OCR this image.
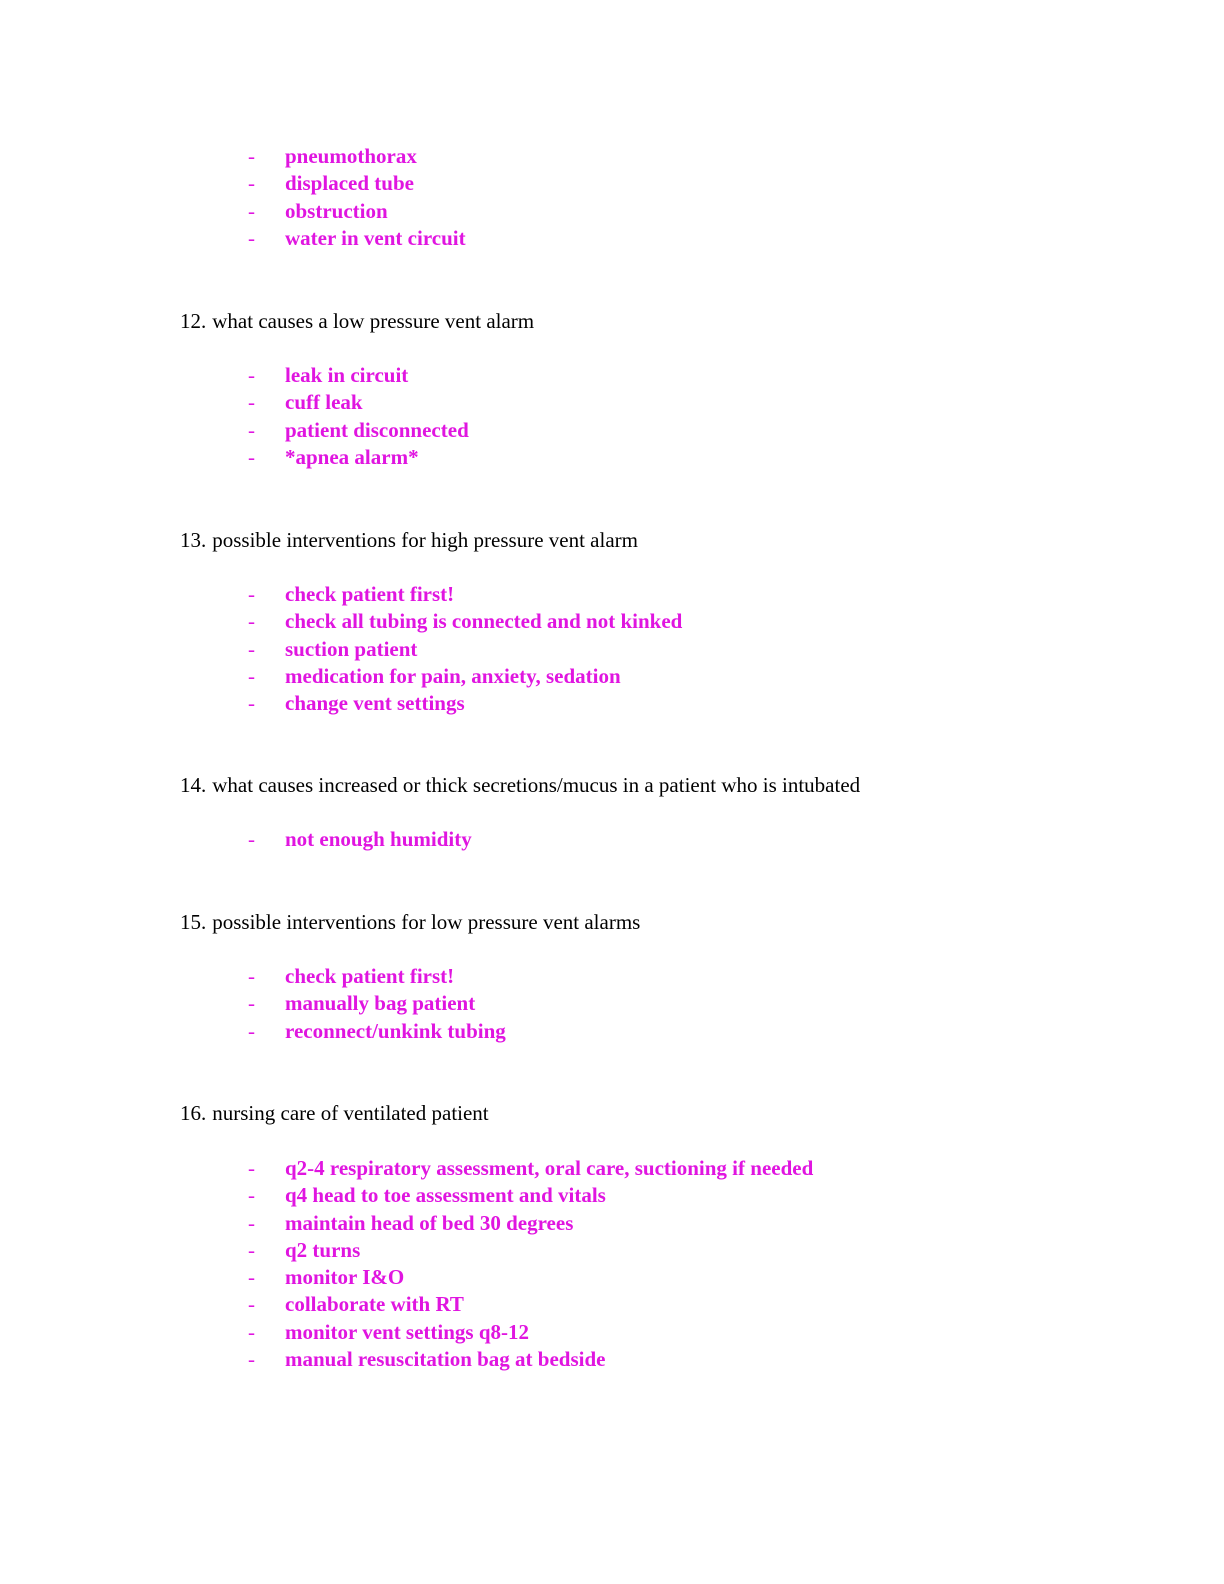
- pneumothorax
- displaced tube
- obstruction
- water in vent circuit
12. what causes a low pressure vent alarm
- leak in circuit
- cuff leak
- patient disconnected
- *apnea alarm*
13. possible interventions for high pressure vent alarm
- check patient first!
- check all tubing is connected and not kinked
- suction patient
- medication for pain, anxiety, sedation
- change vent settings
14. what causes increased or thick secretions/mucus in a patient who is intubated
- not enough humidity
15. possible interventions for low pressure vent alarms
- check patient first!
- manually bag patient
- reconnect/unkink tubing
16. nursing care of ventilated patient
- q2-4 respiratory assessment, oral care, suctioning if needed
- q4 head to toe assessment and vitals
- maintain head of bed 30 degrees
- q2 turns
- monitor I&O
- collaborate with RT
- monitor vent settings q8-12
- manual resuscitation bag at bedside
